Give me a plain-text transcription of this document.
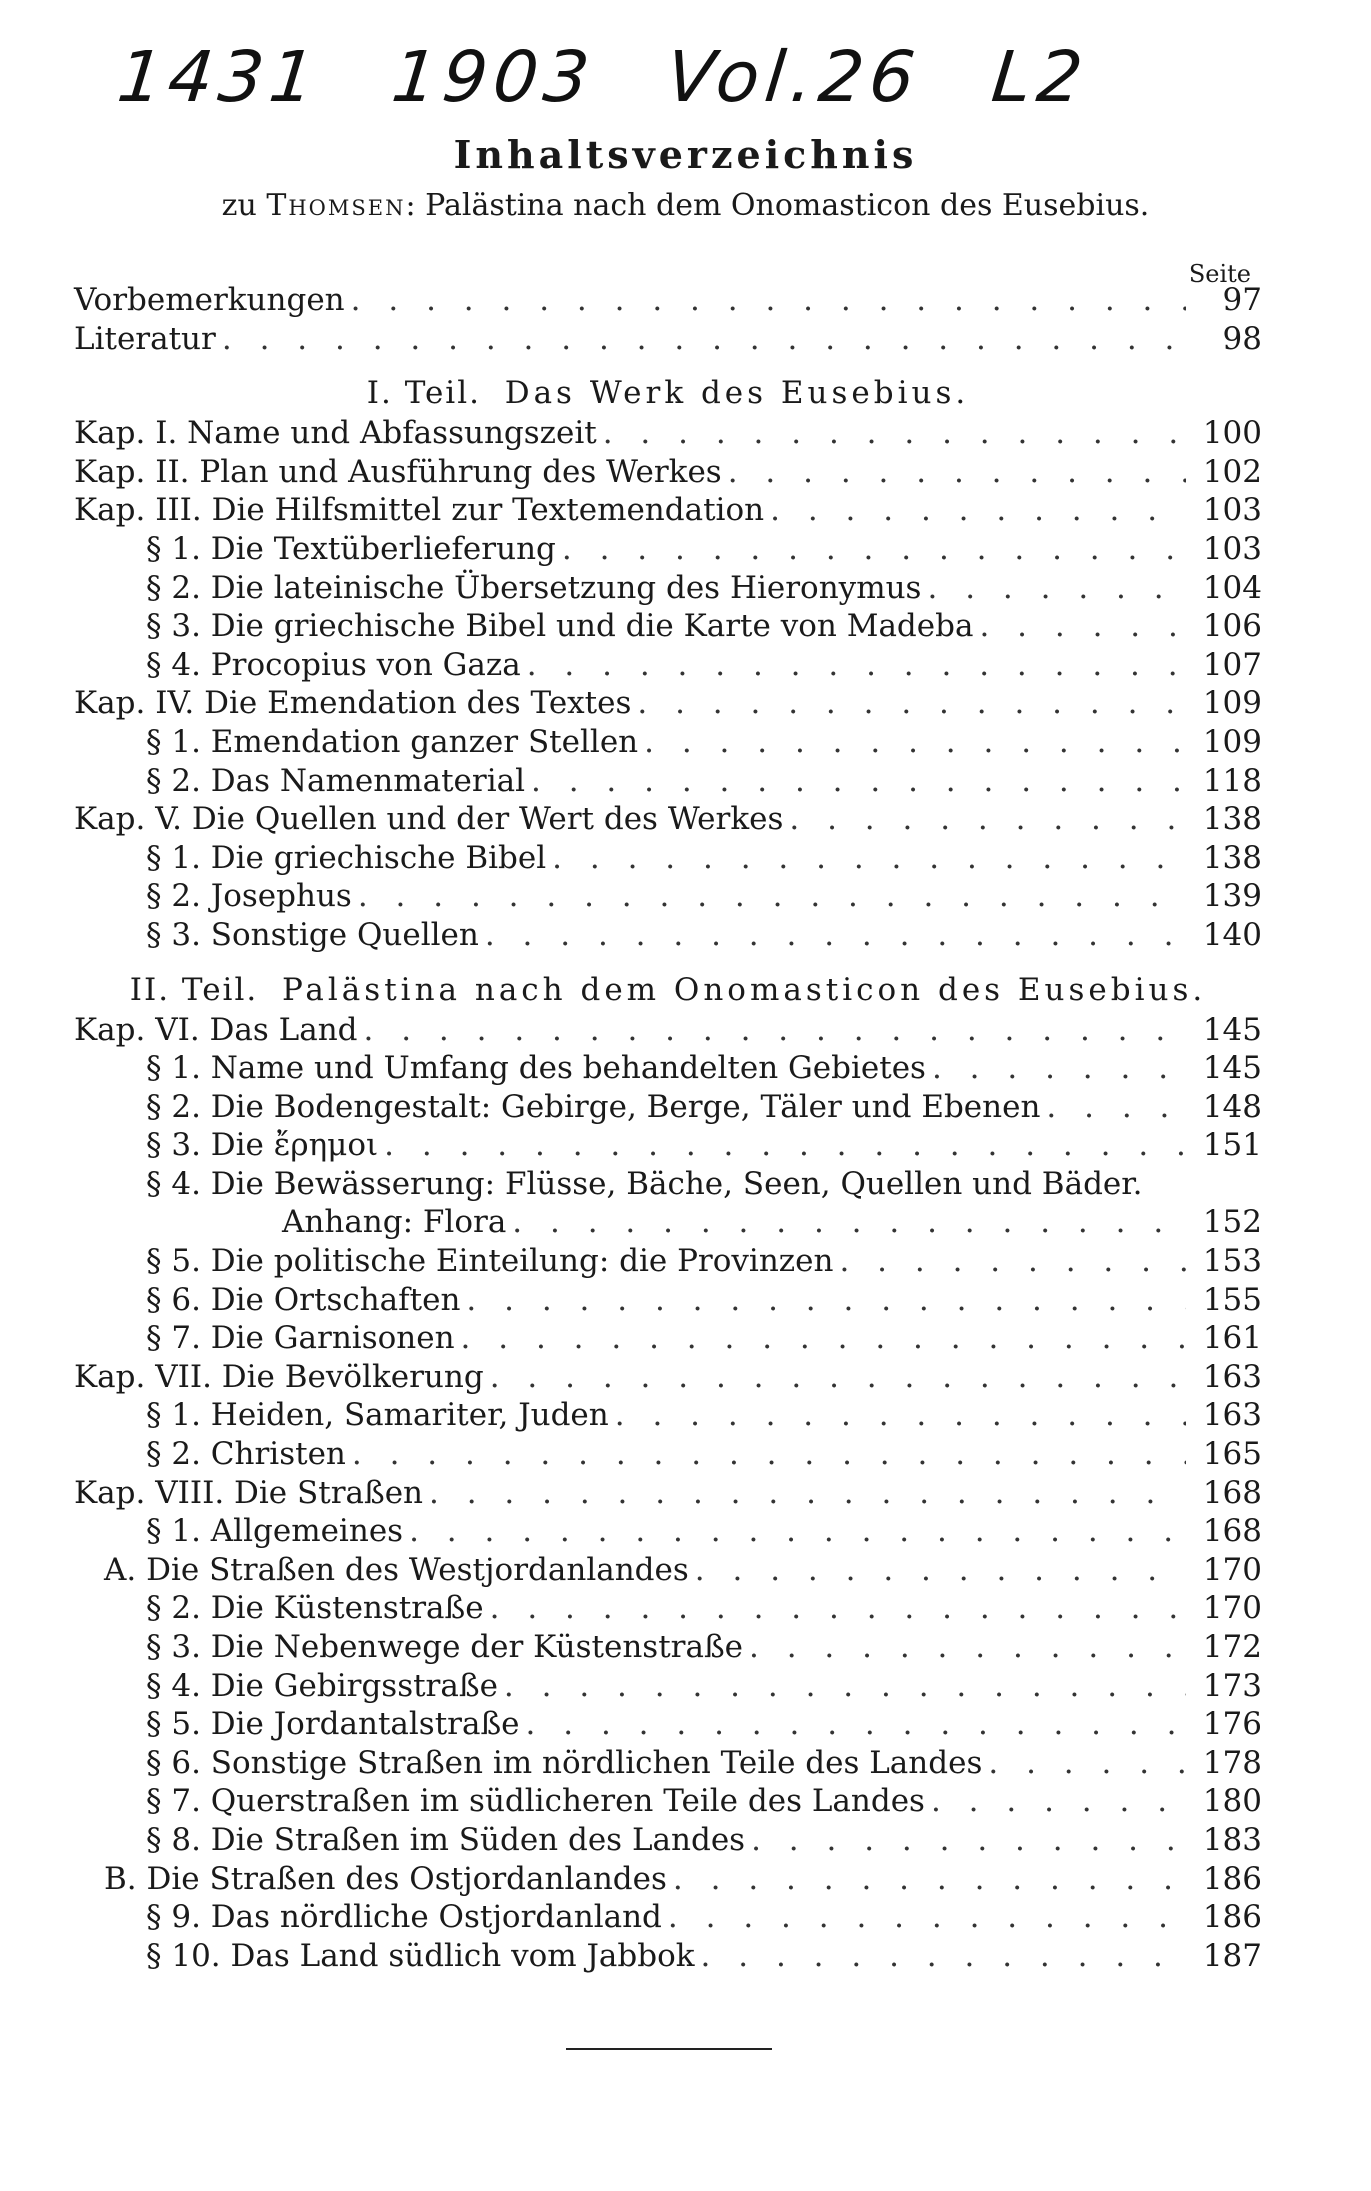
1431 1903 Vol.26 L2
Inhaltsverzeichnis
zu Thomsen: Palästina nach dem Onomasticon des Eusebius.
Seite
Vorbemerkungen . . .	97
Literatur . . .	98
I. Teil.
Das Werk des Eusebius.
Kap. I. Name und Abfassungszeit . . .	100
Kap. II. Plan und Ausführung des Werkes . . .	102
Kap. III. Die Hilfsmittel zur Textemendation . . .	103
§ 1. Die Textüberlieferung . . .	103
§ 2. Die lateinische Übersetzung des Hieronymus . . .	104
§ 3. Die griechische Bibel und die Karte von Madeba . . .	106
§ 4. Procopius von Gaza . . .	107
Kap. IV. Die Emendation des Textes . . .	109
§ 1. Emendation ganzer Stellen . . .	109
§ 2. Das Namenmaterial . . .	118
Kap. V. Die Quellen und der Wert des Werkes . . .	138
§ 1. Die griechische Bibel . . .	138
§ 2. Josephus . . .	139
§ 3. Sonstige Quellen . . .	140
II. Teil.
Palästina nach dem Onomasticon des Eusebius.
Kap. VI. Das Land . . .	145
§ 1. Name und Umfang des behandelten Gebietes . . .	145
§ 2. Die Bodengestalt: Gebirge, Berge, Täler und Ebenen . . .	148
§ 3. Die ἔρημοι . . .	151
§ 4. Die Bewässerung: Flüsse, Bäche, Seen, Quellen und Bäder.
Anhang: Flora . . .	152
§ 5. Die politische Einteilung: die Provinzen . . .	153
§ 6. Die Ortschaften . . .	155
§ 7. Die Garnisonen . . .	161
Kap. VII. Die Bevölkerung . . .	163
§ 1. Heiden, Samariter, Juden . . .	163
§ 2. Christen . . .	165
Kap. VIII. Die Straßen . . .	168
§ 1. Allgemeines . . .	168
A. Die Straßen des Westjordanlandes . . .	170
§ 2. Die Küstenstraße . . .	170
§ 3. Die Nebenwege der Küstenstraße . . .	172
§ 4. Die Gebirgsstraße . . .	173
§ 5. Die Jordantalstraße . . .	176
§ 6. Sonstige Straßen im nördlichen Teile des Landes . . .	178
§ 7. Querstraßen im südlicheren Teile des Landes . . .	180
§ 8. Die Straßen im Süden des Landes . . .	183
B. Die Straßen des Ostjordanlandes . . .	186
§ 9. Das nördliche Ostjordanland . . .	186
§ 10. Das Land südlich vom Jabbok . . .	187
